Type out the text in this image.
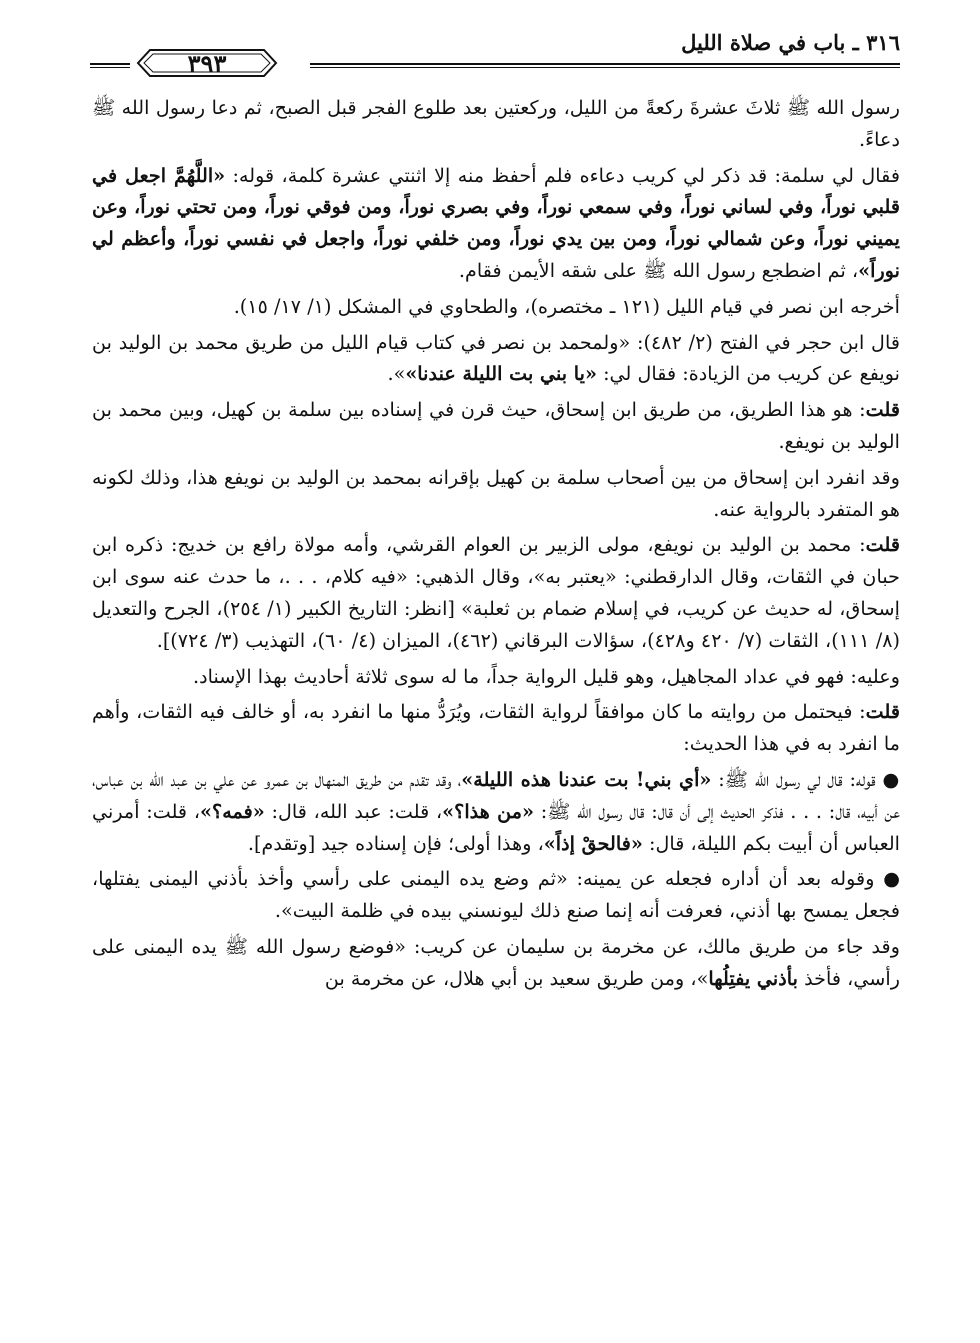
٣١٦ ـ باب في صلاة الليل
٣٩٣

رسول الله ﷺ ثلاثَ عشرةَ ركعةً من الليل، وركعتين بعد طلوع الفجر قبل الصبح، ثم دعا رسول الله ﷺ دعاءً.

فقال لي سلمة: قد ذكر لي كريب دعاءه فلم أحفظ منه إلا اثنتي عشرة كلمة، قوله: «اللَّهُمَّ اجعل في قلبي نوراً، وفي لساني نوراً، وفي سمعي نوراً، وفي بصري نوراً، ومن فوقي نوراً، ومن تحتي نوراً، وعن يميني نوراً، وعن شمالي نوراً، ومن بين يدي نوراً، ومن خلفي نوراً، واجعل في نفسي نوراً، وأعظم لي نوراً»، ثم اضطجع رسول الله ﷺ على شقه الأيمن فقام.

أخرجه ابن نصر في قيام الليل (١٢١ ـ مختصره)، والطحاوي في المشكل (١/ ١٧/ ١٥).

قال ابن حجر في الفتح (٢/ ٤٨٢): «ولمحمد بن نصر في كتاب قيام الليل من طريق محمد بن الوليد بن نويفع عن كريب من الزيادة: فقال لي: «يا بني بت الليلة عندنا»».

قلت: هو هذا الطريق، من طريق ابن إسحاق، حيث قرن في إسناده بين سلمة بن كهيل، وبين محمد بن الوليد بن نويفع.

وقد انفرد ابن إسحاق من بين أصحاب سلمة بن كهيل بإقرانه بمحمد بن الوليد بن نويفع هذا، وذلك لكونه هو المتفرد بالرواية عنه.

قلت: محمد بن الوليد بن نويفع، مولى الزبير بن العوام القرشي، وأمه مولاة رافع بن خديج: ذكره ابن حبان في الثقات، وقال الدارقطني: «يعتبر به»، وقال الذهبي: «فيه كلام، . . .، ما حدث عنه سوى ابن إسحاق، له حديث عن كريب، في إسلام ضمام بن ثعلبة» [انظر: التاريخ الكبير (١/ ٢٥٤)، الجرح والتعديل (٨/ ١١١)، الثقات (٧/ ٤٢٠ و٤٢٨)، سؤالات البرقاني (٤٦٢)، الميزان (٤/ ٦٠)، التهذيب (٣/ ٧٢٤)].

وعليه: فهو في عداد المجاهيل، وهو قليل الرواية جداً، ما له سوى ثلاثة أحاديث بهذا الإسناد.

قلت: فيحتمل من روايته ما كان موافقاً لرواية الثقات، ويُرَدُّ منها ما انفرد به، أو خالف فيه الثقات، وأهم ما انفرد به في هذا الحديث:

● قوله: قال لي رسول الله ﷺ: «أي بني! بت عندنا هذه الليلة»، وقد تقدم من طريق المنهال بن عمرو عن علي بن عبد الله بن عباس، عن أبيه، قال: . . . فذكر الحديث إلى أن قال: قال رسول الله ﷺ: «من هذا؟»، قلت: عبد الله، قال: «فمه؟»، قلت: أمرني العباس أن أبيت بكم الليلة، قال: «فالحقْ إذاً»، وهذا أولى؛ فإن إسناده جيد [وتقدم].

● وقوله بعد أن أداره فجعله عن يمينه: «ثم وضع يده اليمنى على رأسي وأخذ بأذني اليمنى يفتلها، فجعل يمسح بها أذني، فعرفت أنه إنما صنع ذلك ليونسني بيده في ظلمة البيت».

وقد جاء من طريق مالك، عن مخرمة بن سليمان عن كريب: «فوضع رسول الله ﷺ يده اليمنى على رأسي، فأخذ بأذني يفتِلُها»، ومن طريق سعيد بن أبي هلال، عن مخرمة بن
